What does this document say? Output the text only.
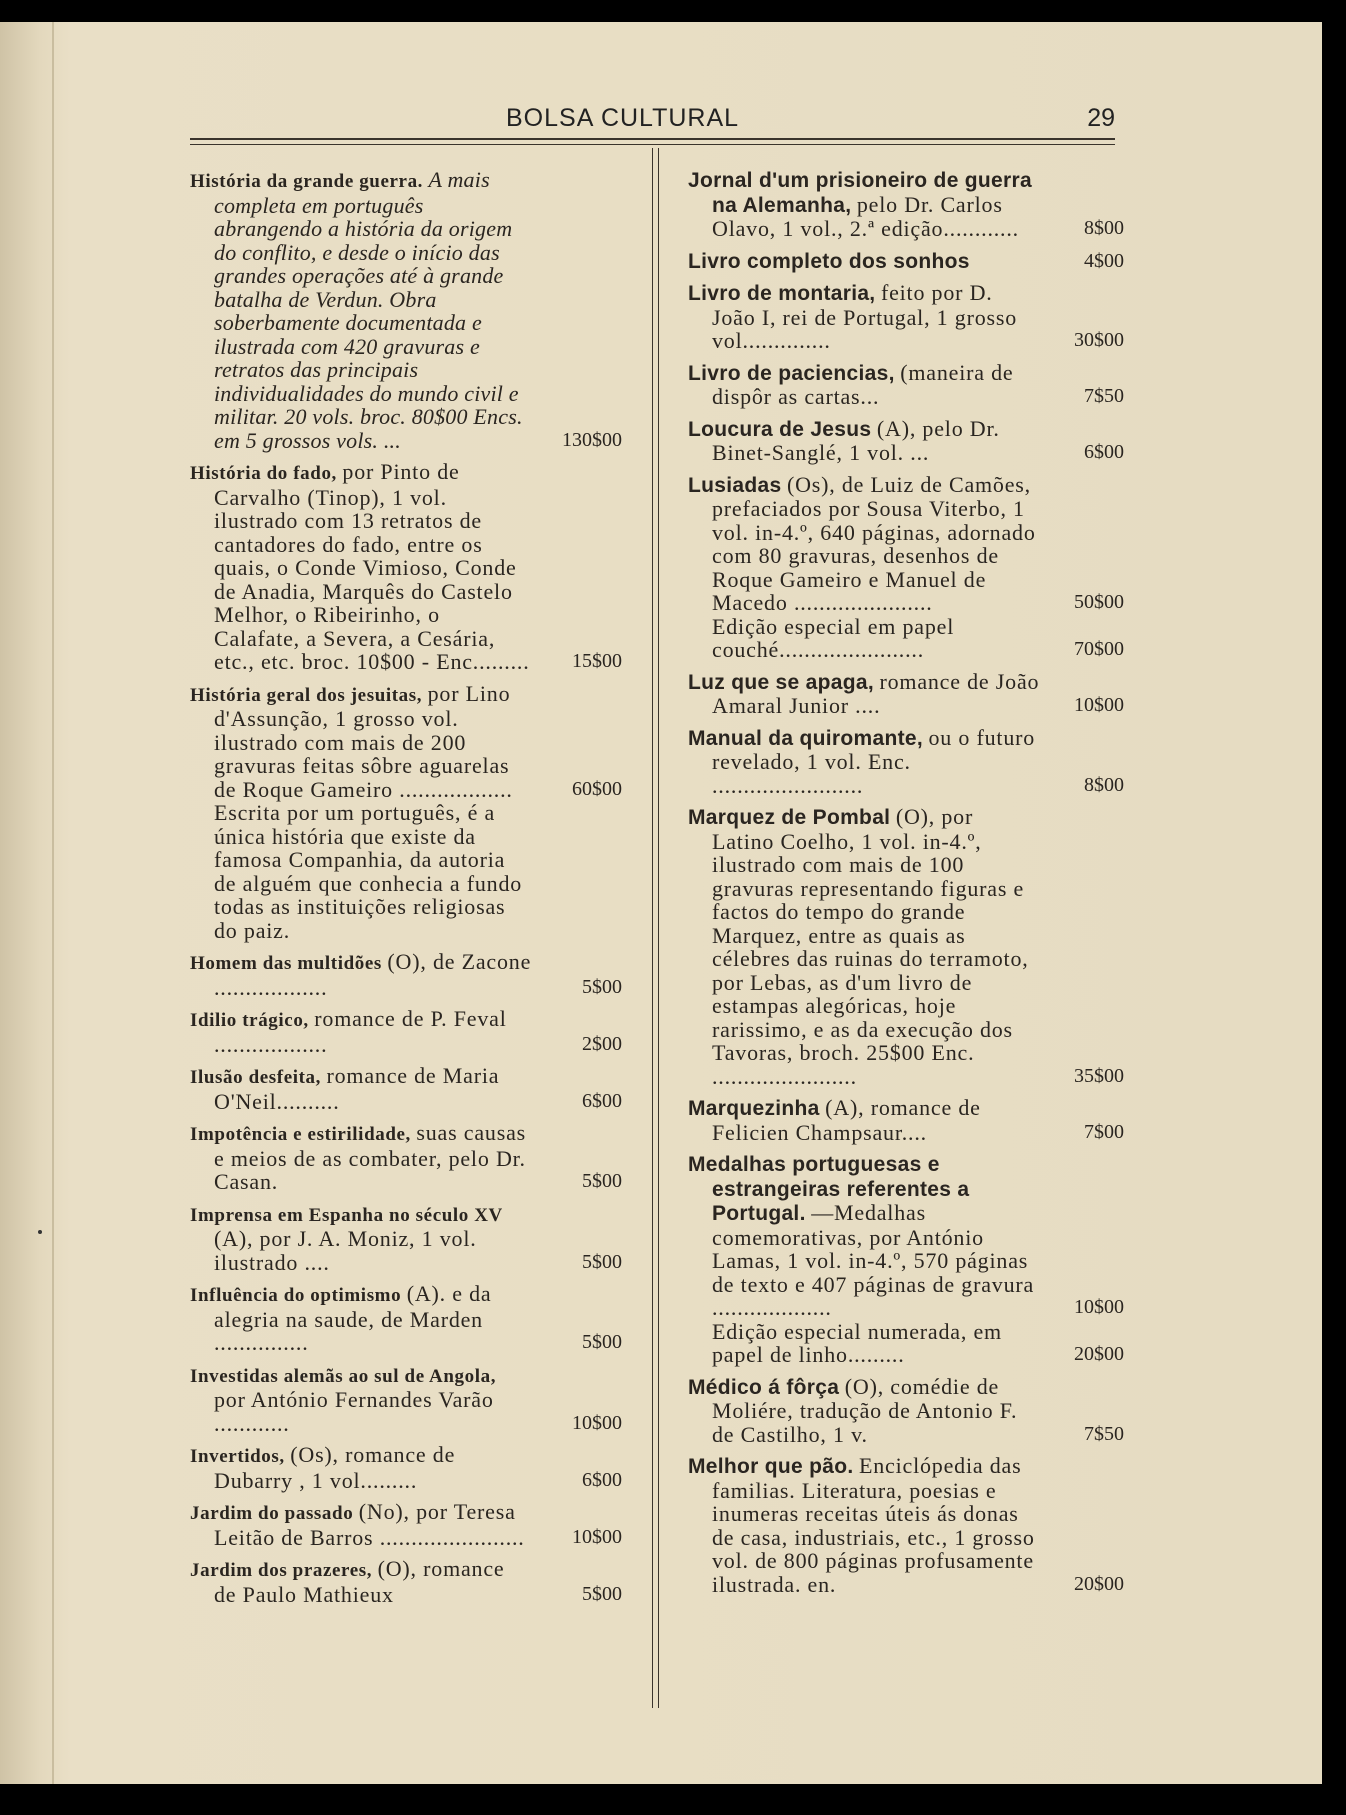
BOLSA CULTURAL	29
História da grande guerra. A mais completa em português abrangendo a história da origem do conflito, e desde o início das grandes operações até à grande batalha de Verdun. Obra soberbamente documentada e ilustrada com 420 gravuras e retratos das principais individualidades do mundo civil e militar. 20 vols. broc. 80$00 Encs. em 5 grossos vols. ...	130$00
História do fado, por Pinto de Carvalho (Tinop), 1 vol. ilustrado com 13 retratos de cantadores do fado, entre os quais, o Conde Vimioso, Conde de Anadia, Marquês do Castelo Melhor, o Ribeirinho, o Calafate, a Severa, a Cesária, etc., etc. broc. 10$00 - Enc......... 15$00
História geral dos jesuitas, por Lino d'Assunção, 1 grosso vol. ilustrado com mais de 200 gravuras feitas sôbre aguarelas de Roque Gameiro ..................	60$00
Escrita por um português, é a única história que existe da famosa Companhia, da autoria de alguém que conhecia a fundo todas as instituições religiosas do paiz.
Homem das multidões (O), de Zacone ..................	5$00
Idilio trágico, romance de P. Feval ..................	2$00
Ilusão desfeita, romance de Maria O'Neil..........	6$00
Impotência e estirilidade, suas causas e meios de as combater, pelo Dr. Casan.	5$00
Imprensa em Espanha no século XV (A), por J. A. Moniz, 1 vol. ilustrado ....	5$00
Influência do optimismo (A). e da alegria na saude, de Marden ...............	5$00
Investidas alemãs ao sul de Angola, por António Fernandes Varão ............	10$00
Invertidos, (Os), romance de Dubarry , 1 vol.........	6$00
Jardim do passado (No), por Teresa Leitão de Barros .......................	10$00
Jardim dos prazeres, (O), romance de Paulo Mathieux	5$00
Jornal d'um prisioneiro de guerra na Alemanha, pelo Dr. Carlos Olavo, 1 vol., 2.ª edição............	8$00
Livro completo dos sonhos	4$00
Livro de montaria, feito por D. João I, rei de Portugal, 1 grosso vol..............	30$00
Livro de paciencias, (maneira de dispôr as cartas...	7$50
Loucura de Jesus (A), pelo Dr. Binet-Sanglé, 1 vol. ...	6$00
Lusiadas (Os), de Luiz de Camões, prefaciados por Sousa Viterbo, 1 vol. in-4.º, 640 páginas, adornado com 80 gravuras, desenhos de Roque Gameiro e Manuel de Macedo ......................	50$00
Edição especial em papel couché.......................	70$00
Luz que se apaga, romance de João Amaral Junior ....	10$00
Manual da quiromante, ou o futuro revelado, 1 vol. Enc. ........................	8$00
Marquez de Pombal (O), por Latino Coelho, 1 vol. in-4.º, ilustrado com mais de 100 gravuras representando figuras e factos do tempo do grande Marquez, entre as quais as célebres das ruinas do terramoto, por Lebas, as d'um livro de estampas alegóricas, hoje rarissimo, e as da execução dos Tavoras, broch. 25$00 Enc. .......................	35$00
Marquezinha (A), romance de Felicien Champsaur....	7$00
Medalhas portuguesas e estrangeiras referentes a Portugal. —Medalhas comemorativas, por António Lamas, 1 vol. in-4.º, 570 páginas de texto e 407 páginas de gravura ...................	10$00
Edição especial numerada, em papel de linho.........	20$00
Médico á fôrça (O), comédie de Moliére, tradução de Antonio F. de Castilho, 1 v.	7$50
Melhor que pão. Enciclópedia das familias. Literatura, poesias e inumeras receitas úteis ás donas de casa, industriais, etc., 1 grosso vol. de 800 páginas profusamente ilustrada. en.	20$00
